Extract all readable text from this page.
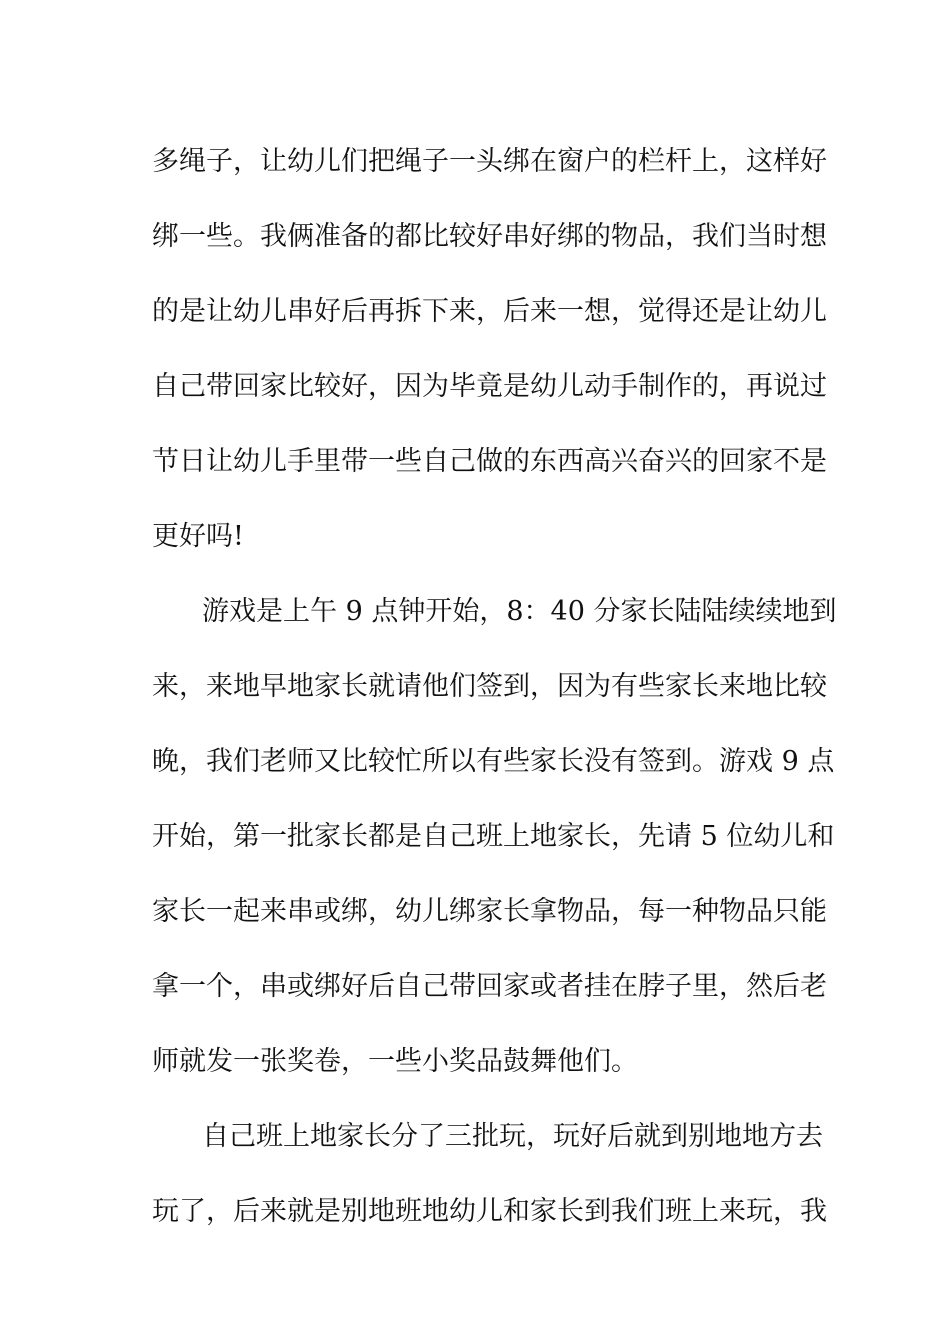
多绳子，让幼儿们把绳子一头绑在窗户的栏杆上，这样好
绑一些。我俩准备的都比较好串好绑的物品，我们当时想
的是让幼儿串好后再拆下来，后来一想，觉得还是让幼儿
自己带回家比较好，因为毕竟是幼儿动手制作的，再说过
节日让幼儿手里带一些自己做的东西高兴奋兴的回家不是
更好吗!
游戏是上午 9 点钟开始，8：40 分家长陆陆续续地到
来，来地早地家长就请他们签到，因为有些家长来地比较
晚，我们老师又比较忙所以有些家长没有签到。游戏 9 点
开始，第一批家长都是自己班上地家长，先请 5 位幼儿和
家长一起来串或绑，幼儿绑家长拿物品，每一种物品只能
拿一个，串或绑好后自己带回家或者挂在脖子里，然后老
师就发一张奖卷，一些小奖品鼓舞他们。
自己班上地家长分了三批玩，玩好后就到别地地方去
玩了，后来就是别地班地幼儿和家长到我们班上来玩，我
